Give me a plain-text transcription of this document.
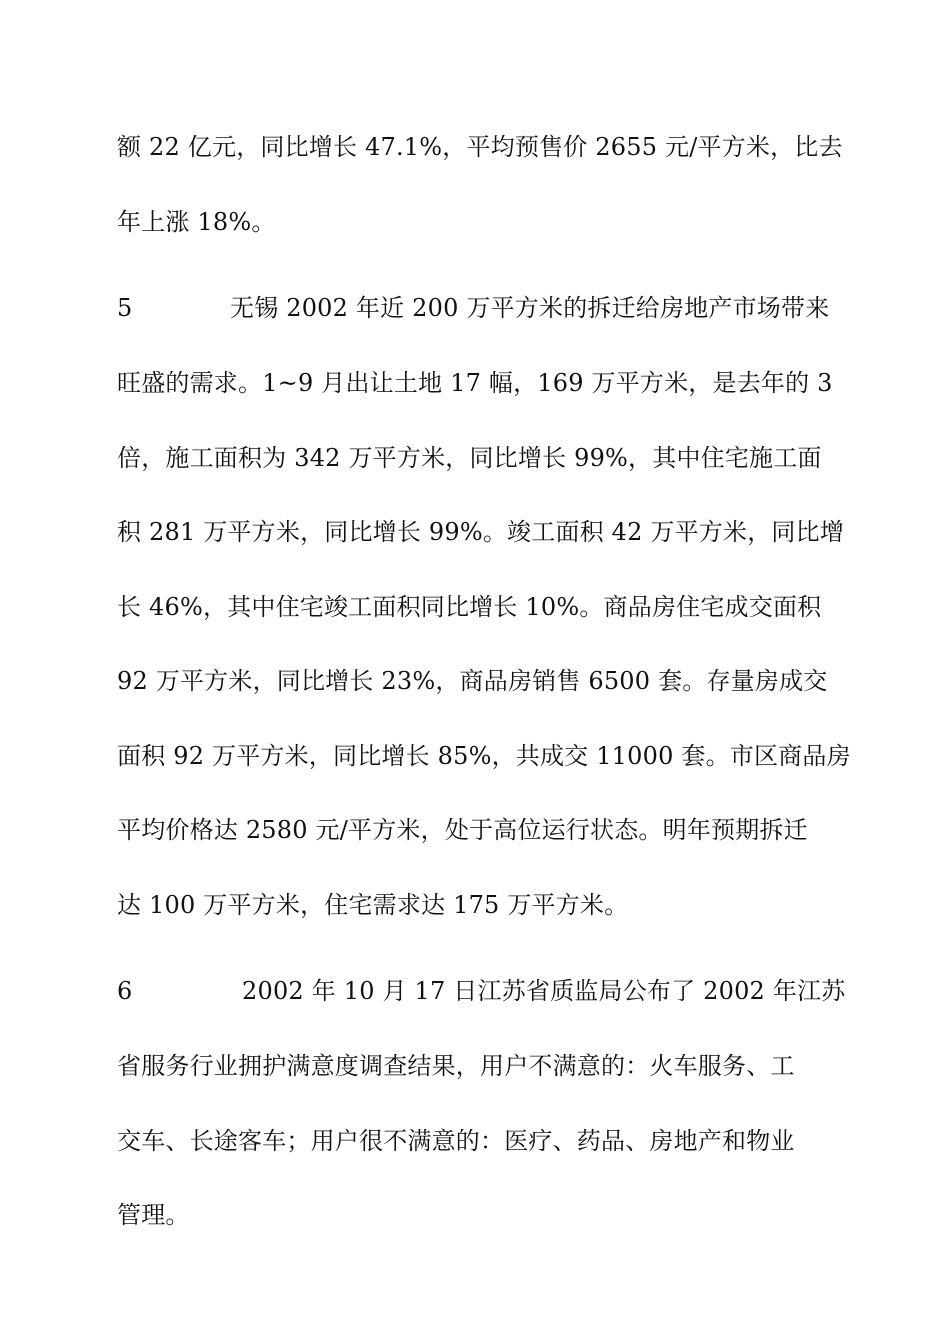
额 22 亿元，同比增长 47.1%，平均预售价 2655 元/平方米，比去
年上涨 18%。
5	无锡 2002 年近 200 万平方米的拆迁给房地产市场带来
旺盛的需求。1~9 月出让土地 17 幅，169 万平方米，是去年的 3
倍，施工面积为 342 万平方米，同比增长 99%，其中住宅施工面
积 281 万平方米，同比增长 99%。竣工面积 42 万平方米，同比增
长 46%，其中住宅竣工面积同比增长 10%。商品房住宅成交面积
92 万平方米，同比增长 23%，商品房销售 6500 套。存量房成交
面积 92 万平方米，同比增长 85%，共成交 11000 套。市区商品房
平均价格达 2580 元/平方米，处于高位运行状态。明年预期拆迁
达 100 万平方米，住宅需求达 175 万平方米。
6	2002 年 10 月 17 日江苏省质监局公布了 2002 年江苏
省服务行业拥护满意度调查结果，用户不满意的：火车服务、工
交车、长途客车；用户很不满意的：医疗、药品、房地产和物业
管理。
